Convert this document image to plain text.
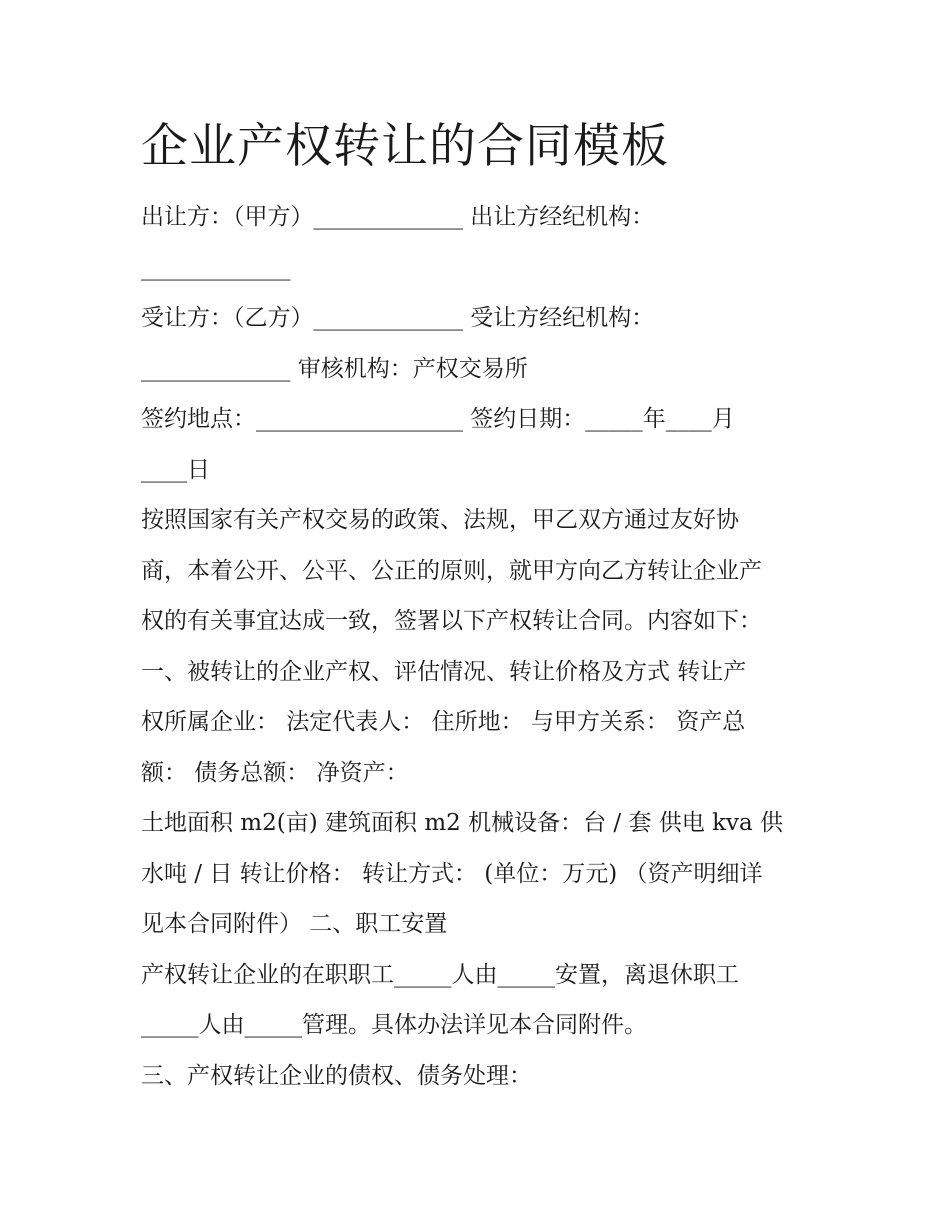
企业产权转让的合同模板

出让方：（甲方）_____________ 出让方经纪机构：

_____________

受让方：（乙方）_____________ 受让方经纪机构：

_____________ 审核机构：产权交易所

签约地点：__________________ 签约日期：_____年____月

____日

按照国家有关产权交易的政策、法规，甲乙双方通过友好协

商，本着公开、公平、公正的原则，就甲方向乙方转让企业产

权的有关事宜达成一致，签署以下产权转让合同。内容如下：

一、被转让的企业产权、评估情况、转让价格及方式 转让产

权所属企业： 法定代表人： 住所地： 与甲方关系： 资产总

额： 债务总额： 净资产：

土地面积 m2(亩) 建筑面积 m2 机械设备：台 / 套 供电 kva 供

水吨 / 日 转让价格： 转让方式： (单位：万元) （资产明细详

见本合同附件） 二、职工安置

产权转让企业的在职职工_____人由_____安置，离退休职工

_____人由_____管理。具体办法详见本合同附件。

三、产权转让企业的债权、债务处理：
